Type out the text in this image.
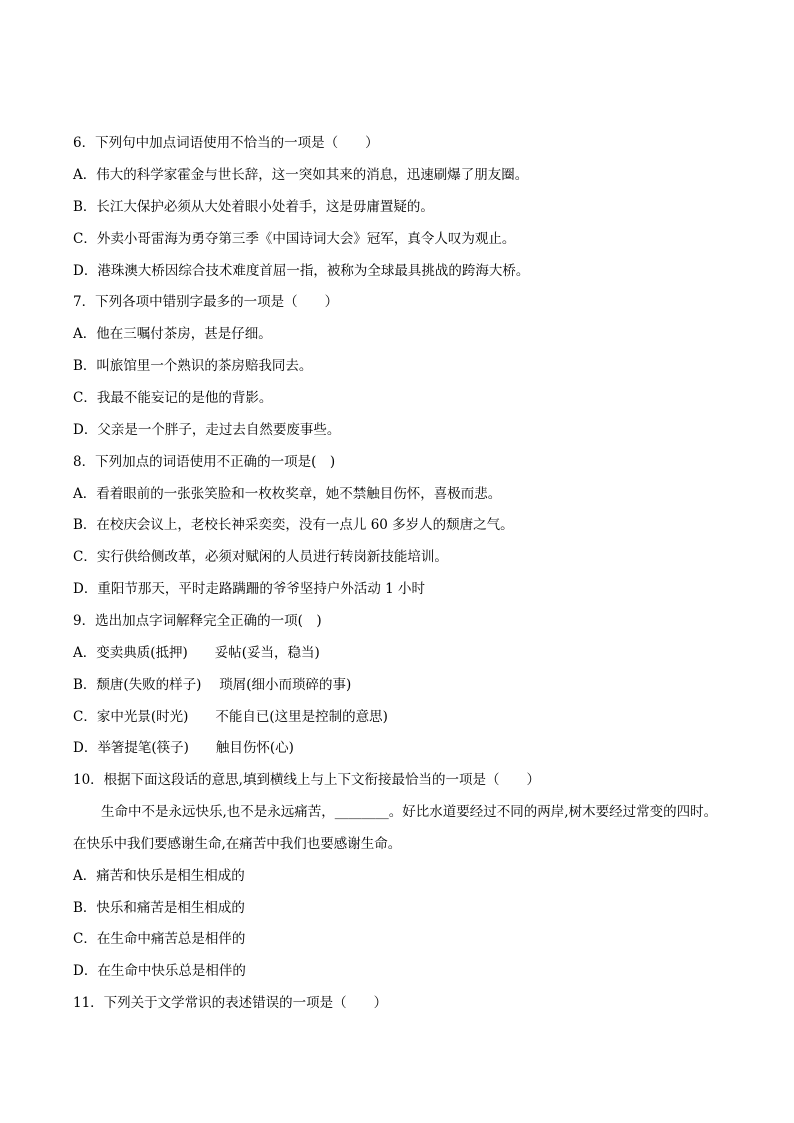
6．下列句中加点词语使用不恰当的一项是（　　）
A．伟大的科学家霍金与世长辞，这一突如其来的消息，迅速刷爆了朋友圈。
B．长江大保护必须从大处着眼小处着手，这是毋庸置疑的。
C．外卖小哥雷海为勇夺第三季《中国诗词大会》冠军，真令人叹为观止。
D．港珠澳大桥因综合技术难度首屈一指，被称为全球最具挑战的跨海大桥。
7．下列各项中错别字最多的一项是（　　）
A．他在三嘱付茶房，甚是仔细。
B．叫旅馆里一个熟识的茶房赔我同去。
C．我最不能妄记的是他的背影。
D．父亲是一个胖子，走过去自然要废事些。
8．下列加点的词语使用不正确的一项是(　)
A．看着眼前的一张张笑脸和一枚枚奖章，她不禁触目伤怀，喜极而悲。
B．在校庆会议上，老校长神采奕奕，没有一点儿 60 多岁人的颓唐之气。
C．实行供给侧改革，必须对赋闲的人员进行转岗新技能培训。
D．重阳节那天，平时走路蹒跚的爷爷坚持户外活动 1 小时
9．选出加点字词解释完全正确的一项(　)
A．变卖典质(抵押)　　妥帖(妥当，稳当)
B．颓唐(失败的样子)　 琐屑(细小而琐碎的事)
C．家中光景(时光)　　不能自已(这里是控制的意思)
D．举箸提笔(筷子)　　触目伤怀(心)
10．根据下面这段话的意思,填到横线上与上下文衔接最恰当的一项是（　　）
生命中不是永远快乐,也不是永远痛苦，________。好比水道要经过不同的两岸,树木要经过常变的四时。
在快乐中我们要感谢生命,在痛苦中我们也要感谢生命。
A．痛苦和快乐是相生相成的
B．快乐和痛苦是相生相成的
C．在生命中痛苦总是相伴的
D．在生命中快乐总是相伴的
11．下列关于文学常识的表述错误的一项是（　　）
